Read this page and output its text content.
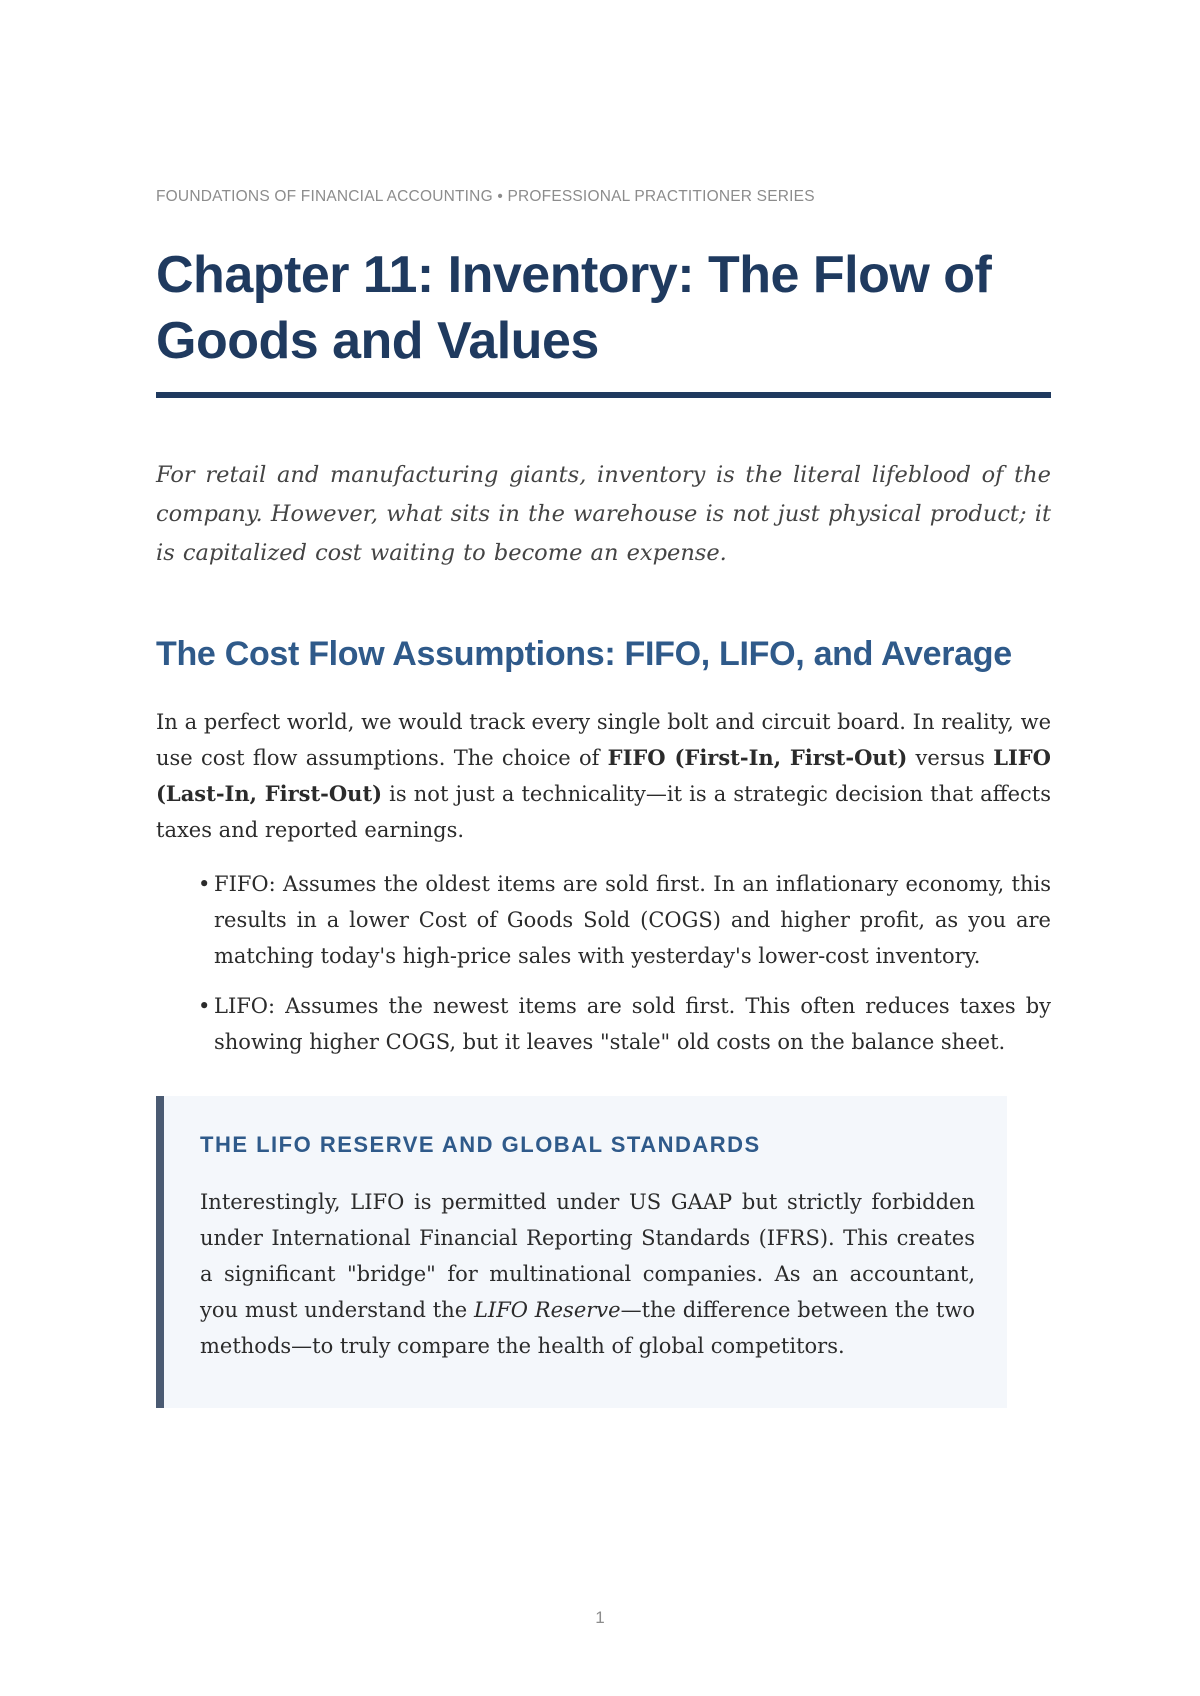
FOUNDATIONS OF FINANCIAL ACCOUNTING • PROFESSIONAL PRACTITIONER SERIES

Chapter 11: Inventory: The Flow of Goods and Values

For retail and manufacturing giants, inventory is the literal lifeblood of the company. However, what sits in the warehouse is not just physical product; it is capitalized cost waiting to become an expense.

The Cost Flow Assumptions: FIFO, LIFO, and Average

In a perfect world, we would track every single bolt and circuit board. In reality, we use cost flow assumptions. The choice of FIFO (First-In, First-Out) versus LIFO (Last-In, First-Out) is not just a technicality—it is a strategic decision that affects taxes and reported earnings.

• FIFO: Assumes the oldest items are sold first. In an inflationary economy, this results in a lower Cost of Goods Sold (COGS) and higher profit, as you are matching today's high-price sales with yesterday's lower-cost inventory.
• LIFO: Assumes the newest items are sold first. This often reduces taxes by showing higher COGS, but it leaves "stale" old costs on the balance sheet.

THE LIFO RESERVE AND GLOBAL STANDARDS

Interestingly, LIFO is permitted under US GAAP but strictly forbidden under International Financial Reporting Standards (IFRS). This creates a significant "bridge" for multinational companies. As an accountant, you must understand the LIFO Reserve—the difference between the two methods—to truly compare the health of global competitors.

1
